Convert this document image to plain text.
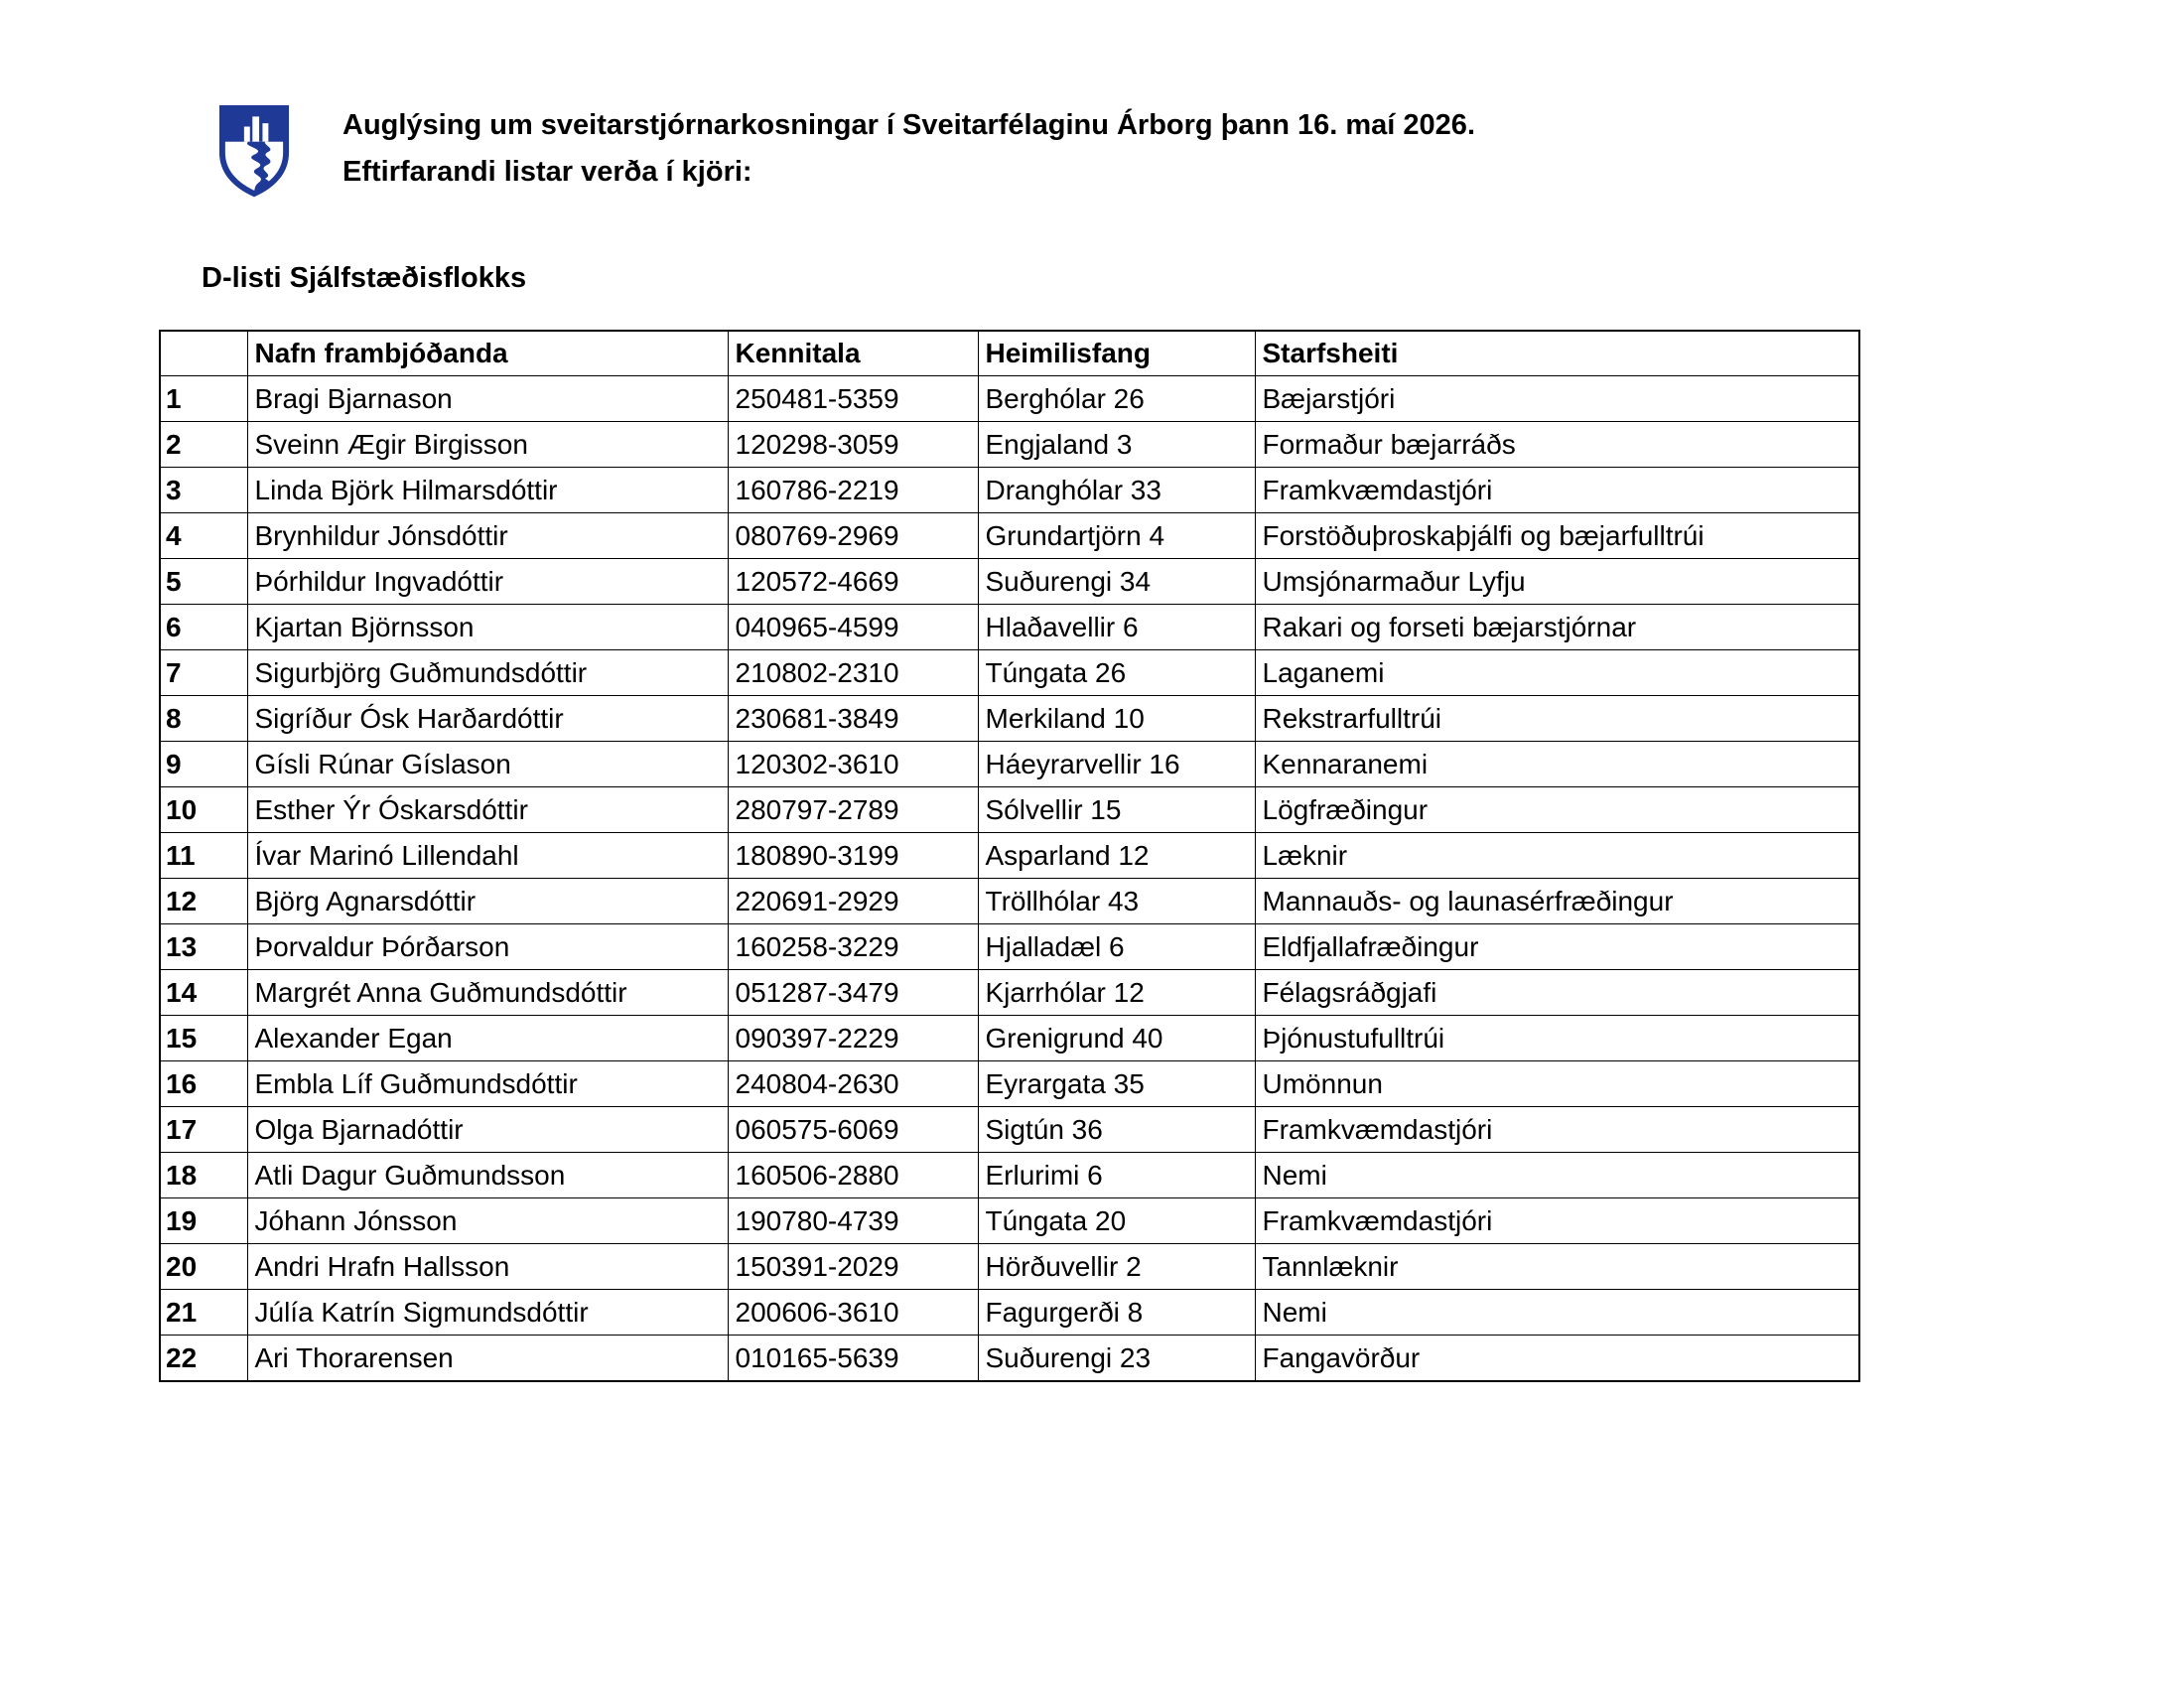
Auglýsing um sveitarstjórnarkosningar í Sveitarfélaginu Árborg þann 16. maí 2026.
Eftirfarandi listar verða í kjöri:
D-listi Sjálfstæðisflokks
	Nafn frambjóðanda	Kennitala	Heimilisfang	Starfsheiti
1	Bragi Bjarnason	250481-5359	Berghólar 26	Bæjarstjóri
2	Sveinn Ægir Birgisson	120298-3059	Engjaland 3	Formaður bæjarráðs
3	Linda Björk Hilmarsdóttir	160786-2219	Dranghólar 33	Framkvæmdastjóri
4	Brynhildur Jónsdóttir	080769-2969	Grundartjörn 4	Forstöðuþroskaþjálfi og bæjarfulltrúi
5	Þórhildur Ingvadóttir	120572-4669	Suðurengi 34	Umsjónarmaður Lyfju
6	Kjartan Björnsson	040965-4599	Hlaðavellir 6	Rakari og forseti bæjarstjórnar
7	Sigurbjörg Guðmundsdóttir	210802-2310	Túngata 26	Laganemi
8	Sigríður Ósk Harðardóttir	230681-3849	Merkiland 10	Rekstrarfulltrúi
9	Gísli Rúnar Gíslason	120302-3610	Háeyrarvellir 16	Kennaranemi
10	Esther Ýr Óskarsdóttir	280797-2789	Sólvellir 15	Lögfræðingur
11	Ívar Marinó Lillendahl	180890-3199	Asparland 12	Læknir
12	Björg Agnarsdóttir	220691-2929	Tröllhólar 43	Mannauðs- og launasérfræðingur
13	Þorvaldur Þórðarson	160258-3229	Hjalladæl 6	Eldfjallafræðingur
14	Margrét Anna Guðmundsdóttir	051287-3479	Kjarrhólar 12	Félagsráðgjafi
15	Alexander Egan	090397-2229	Grenigrund 40	Þjónustufulltrúi
16	Embla Líf Guðmundsdóttir	240804-2630	Eyrargata 35	Umönnun
17	Olga Bjarnadóttir	060575-6069	Sigtún 36	Framkvæmdastjóri
18	Atli Dagur Guðmundsson	160506-2880	Erlurimi 6	Nemi
19	Jóhann Jónsson	190780-4739	Túngata 20	Framkvæmdastjóri
20	Andri Hrafn Hallsson	150391-2029	Hörðuvellir 2	Tannlæknir
21	Júlía Katrín Sigmundsdóttir	200606-3610	Fagurgerði 8	Nemi
22	Ari Thorarensen	010165-5639	Suðurengi 23	Fangavörður
